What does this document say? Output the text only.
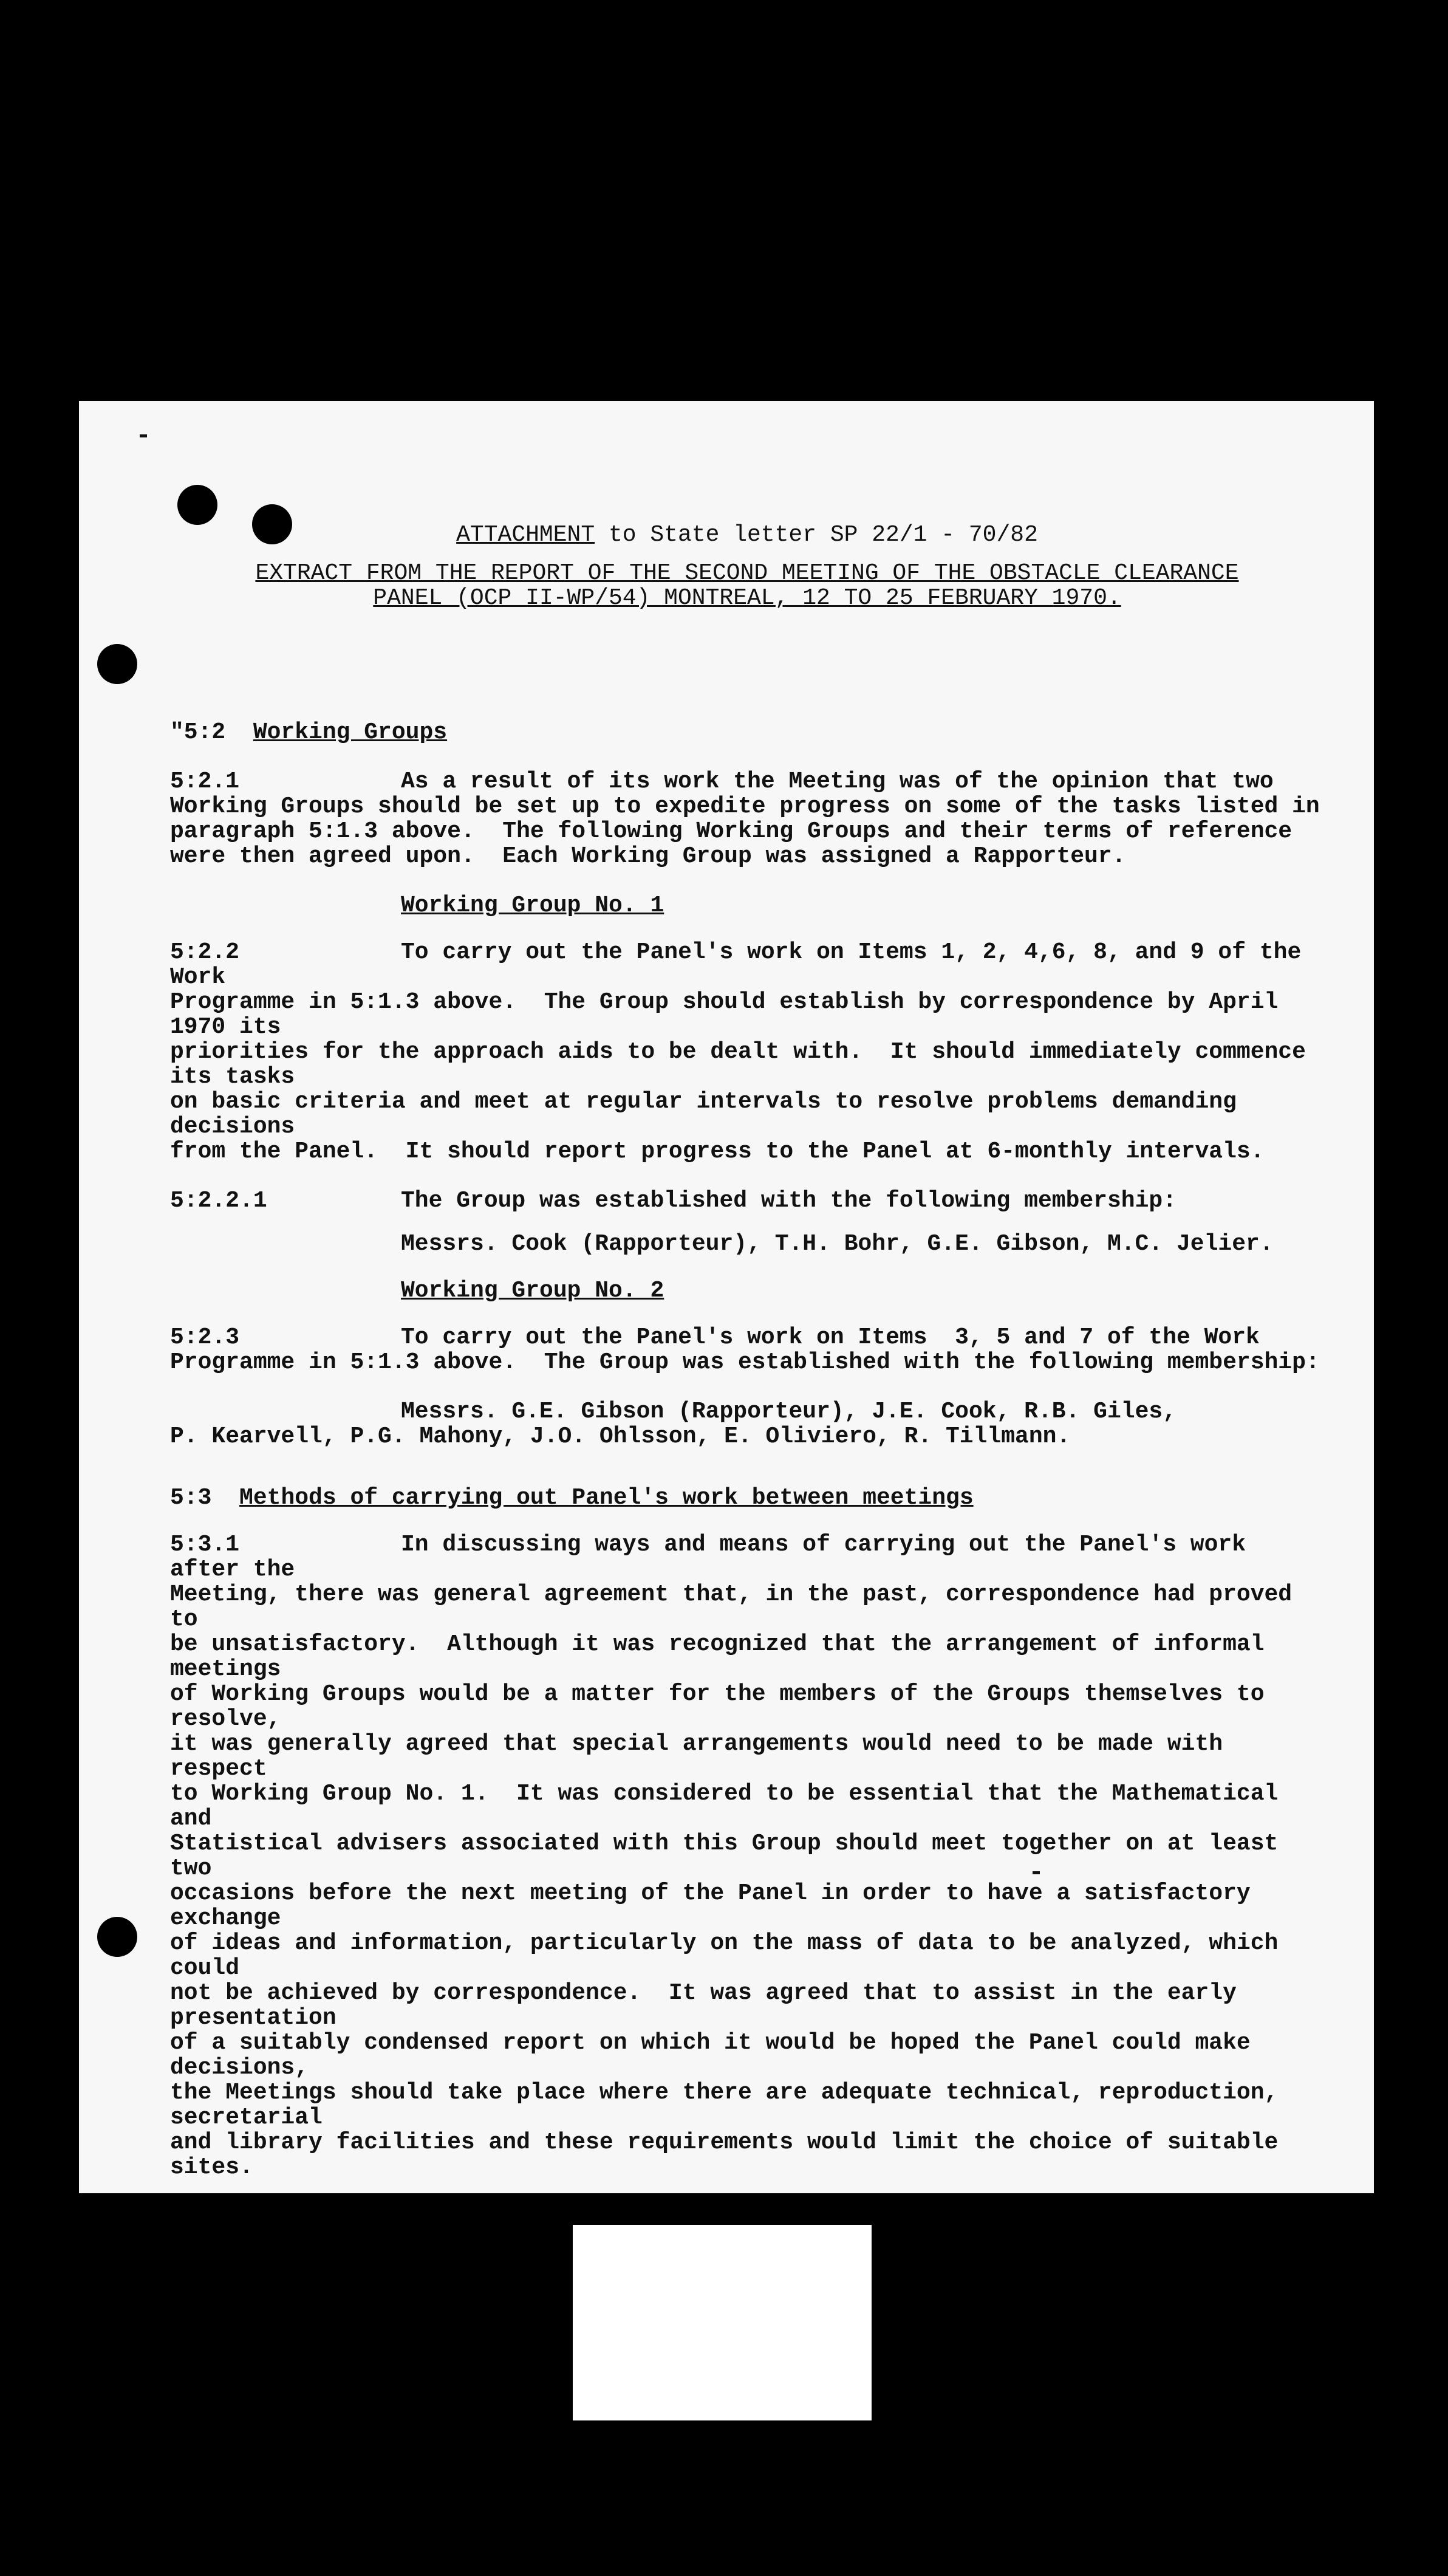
ATTACHMENT to State letter SP 22/1 - 70/82
EXTRACT FROM THE REPORT OF THE SECOND MEETING OF THE OBSTACLE CLEARANCE
PANEL (OCP II-WP/54) MONTREAL, 12 TO 25 FEBRUARY 1970.
"5:2 Working Groups
5:2.1	As a result of its work the Meeting was of the opinion that two
Working Groups should be set up to expedite progress on some of the tasks listed in
paragraph 5:1.3 above.  The following Working Groups and their terms of reference
were then agreed upon.  Each Working Group was assigned a Rapporteur.
Working Group No. 1
5:2.2	To carry out the Panel's work on Items 1, 2, 4,6, 8, and 9 of the Work
Programme in 5:1.3 above.  The Group should establish by correspondence by April 1970 its
priorities for the approach aids to be dealt with.  It should immediately commence its tasks
on basic criteria and meet at regular intervals to resolve problems demanding decisions
from the Panel.  It should report progress to the Panel at 6-monthly intervals.
5:2.2.1	The Group was established with the following membership:
Messrs. Cook (Rapporteur), T.H. Bohr, G.E. Gibson, M.C. Jelier.
Working Group No. 2
5:2.3	To carry out the Panel's work on Items  3, 5 and 7 of the Work
Programme in 5:1.3 above.  The Group was established with the following membership:
Messrs. G.E. Gibson (Rapporteur), J.E. Cook, R.B. Giles,
P. Kearvell, P.G. Mahony, J.O. Ohlsson, E. Oliviero, R. Tillmann.
5:3 Methods of carrying out Panel's work between meetings
5:3.1	In discussing ways and means of carrying out the Panel's work after the
Meeting, there was general agreement that, in the past, correspondence had proved to
be unsatisfactory.  Although it was recognized that the arrangement of informal meetings
of Working Groups would be a matter for the members of the Groups themselves to resolve,
it was generally agreed that special arrangements would need to be made with respect
to Working Group No. 1.  It was considered to be essential that the Mathematical and
Statistical advisers associated with this Group should meet together on at least two
occasions before the next meeting of the Panel in order to have a satisfactory exchange
of ideas and information, particularly on the mass of data to be analyzed, which could
not be achieved by correspondence.  It was agreed that to assist in the early presentation
of a suitably condensed report on which it would be hoped the Panel could make decisions,
the Meetings should take place where there are adequate technical, reproduction, secretarial
and library facilities and these requirements would limit the choice of suitable sites.
